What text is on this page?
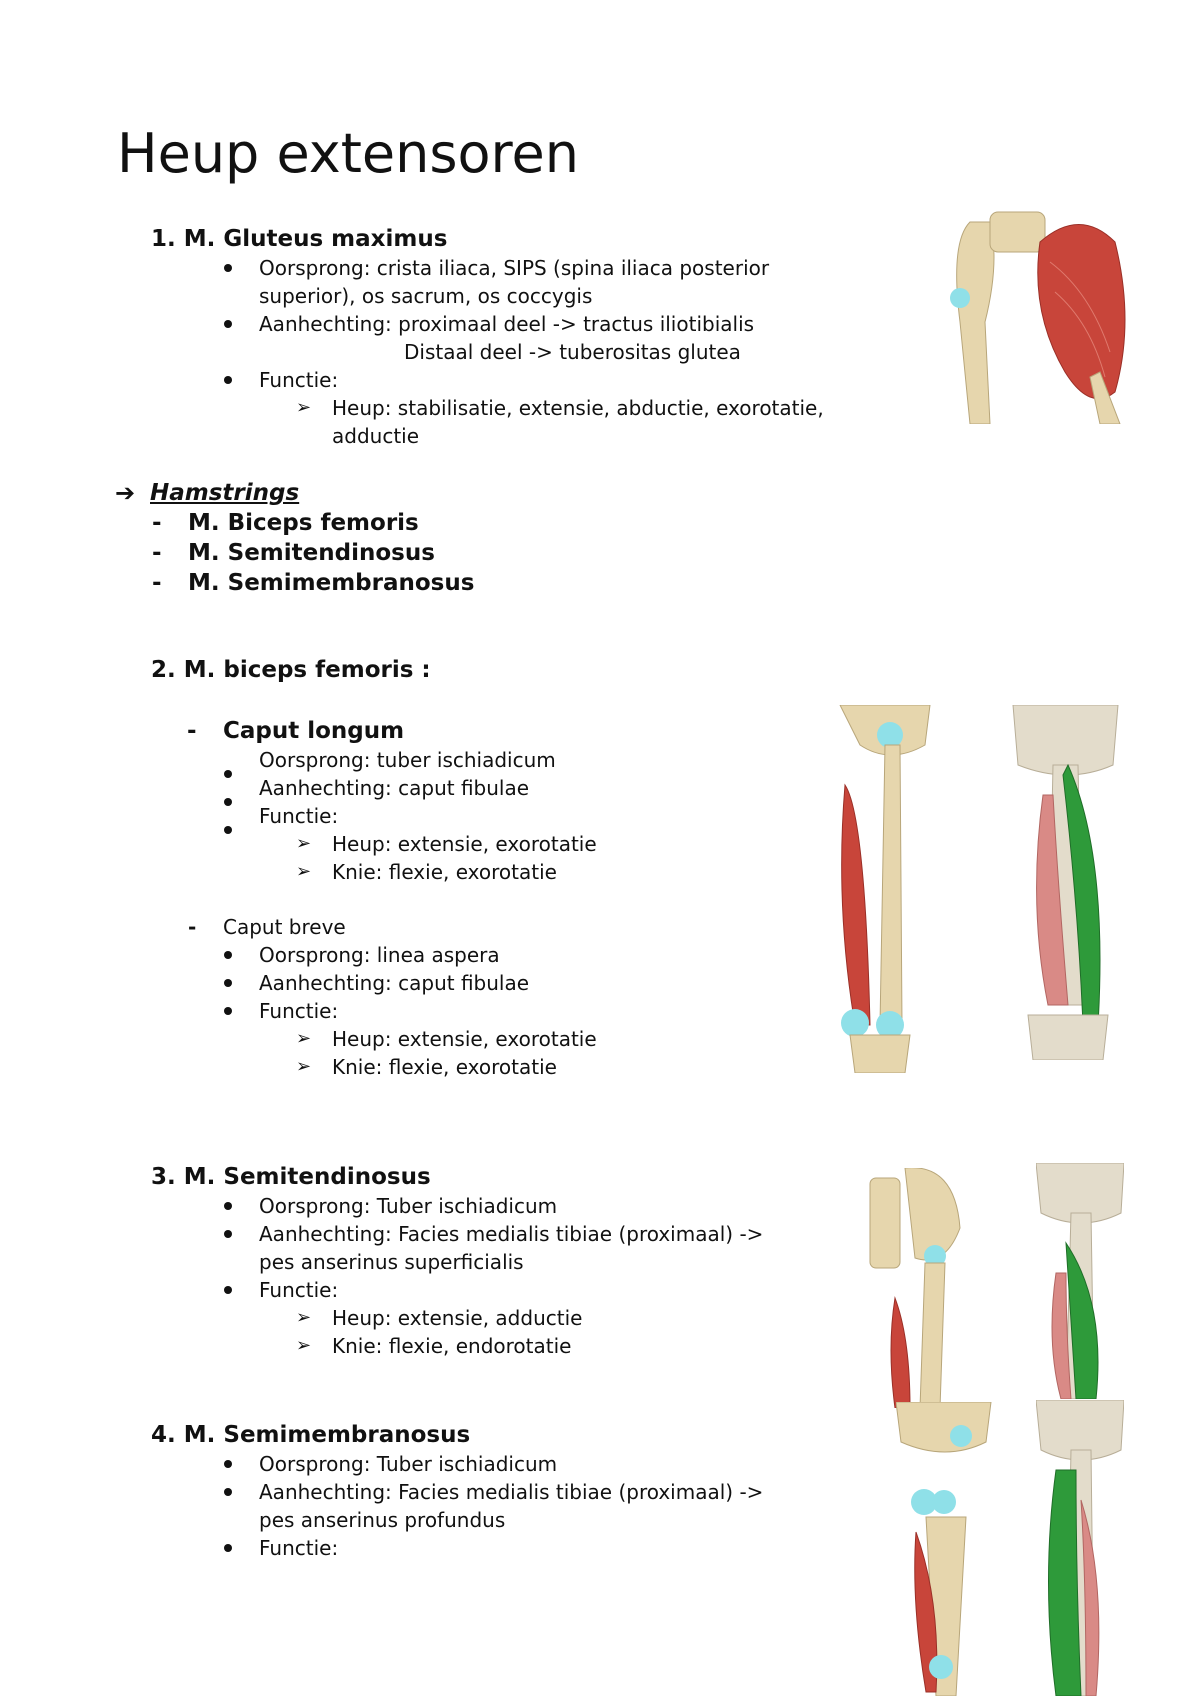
Heup extensoren
1. M. Gluteus maximus
Oorsprong: crista iliaca, SIPS (spina iliaca posterior
superior), os sacrum, os coccygis
Aanhechting: proximaal deel -> tractus iliotibialis
Distaal deel -> tuberositas glutea
Functie:
➢ Heup: stabilisatie, extensie, abductie, exorotatie,
adductie
➔ Hamstrings
- M. Biceps femoris
- M. Semitendinosus
- M. Semimembranosus
2. M. biceps femoris :
- Caput longum
Oorsprong: tuber ischiadicum
Aanhechting: caput fibulae
Functie:
➢ Heup: extensie, exorotatie
➢ Knie: flexie, exorotatie
- Caput breve
Oorsprong: linea aspera
Aanhechting: caput fibulae
Functie:
➢ Heup: extensie, exorotatie
➢ Knie: flexie, exorotatie
3. M. Semitendinosus
Oorsprong: Tuber ischiadicum
Aanhechting: Facies medialis tibiae (proximaal) ->
pes anserinus superficialis
Functie:
➢ Heup: extensie, adductie
➢ Knie: flexie, endorotatie
4. M. Semimembranosus
Oorsprong: Tuber ischiadicum
Aanhechting: Facies medialis tibiae (proximaal) ->
pes anserinus profundus
Functie:
